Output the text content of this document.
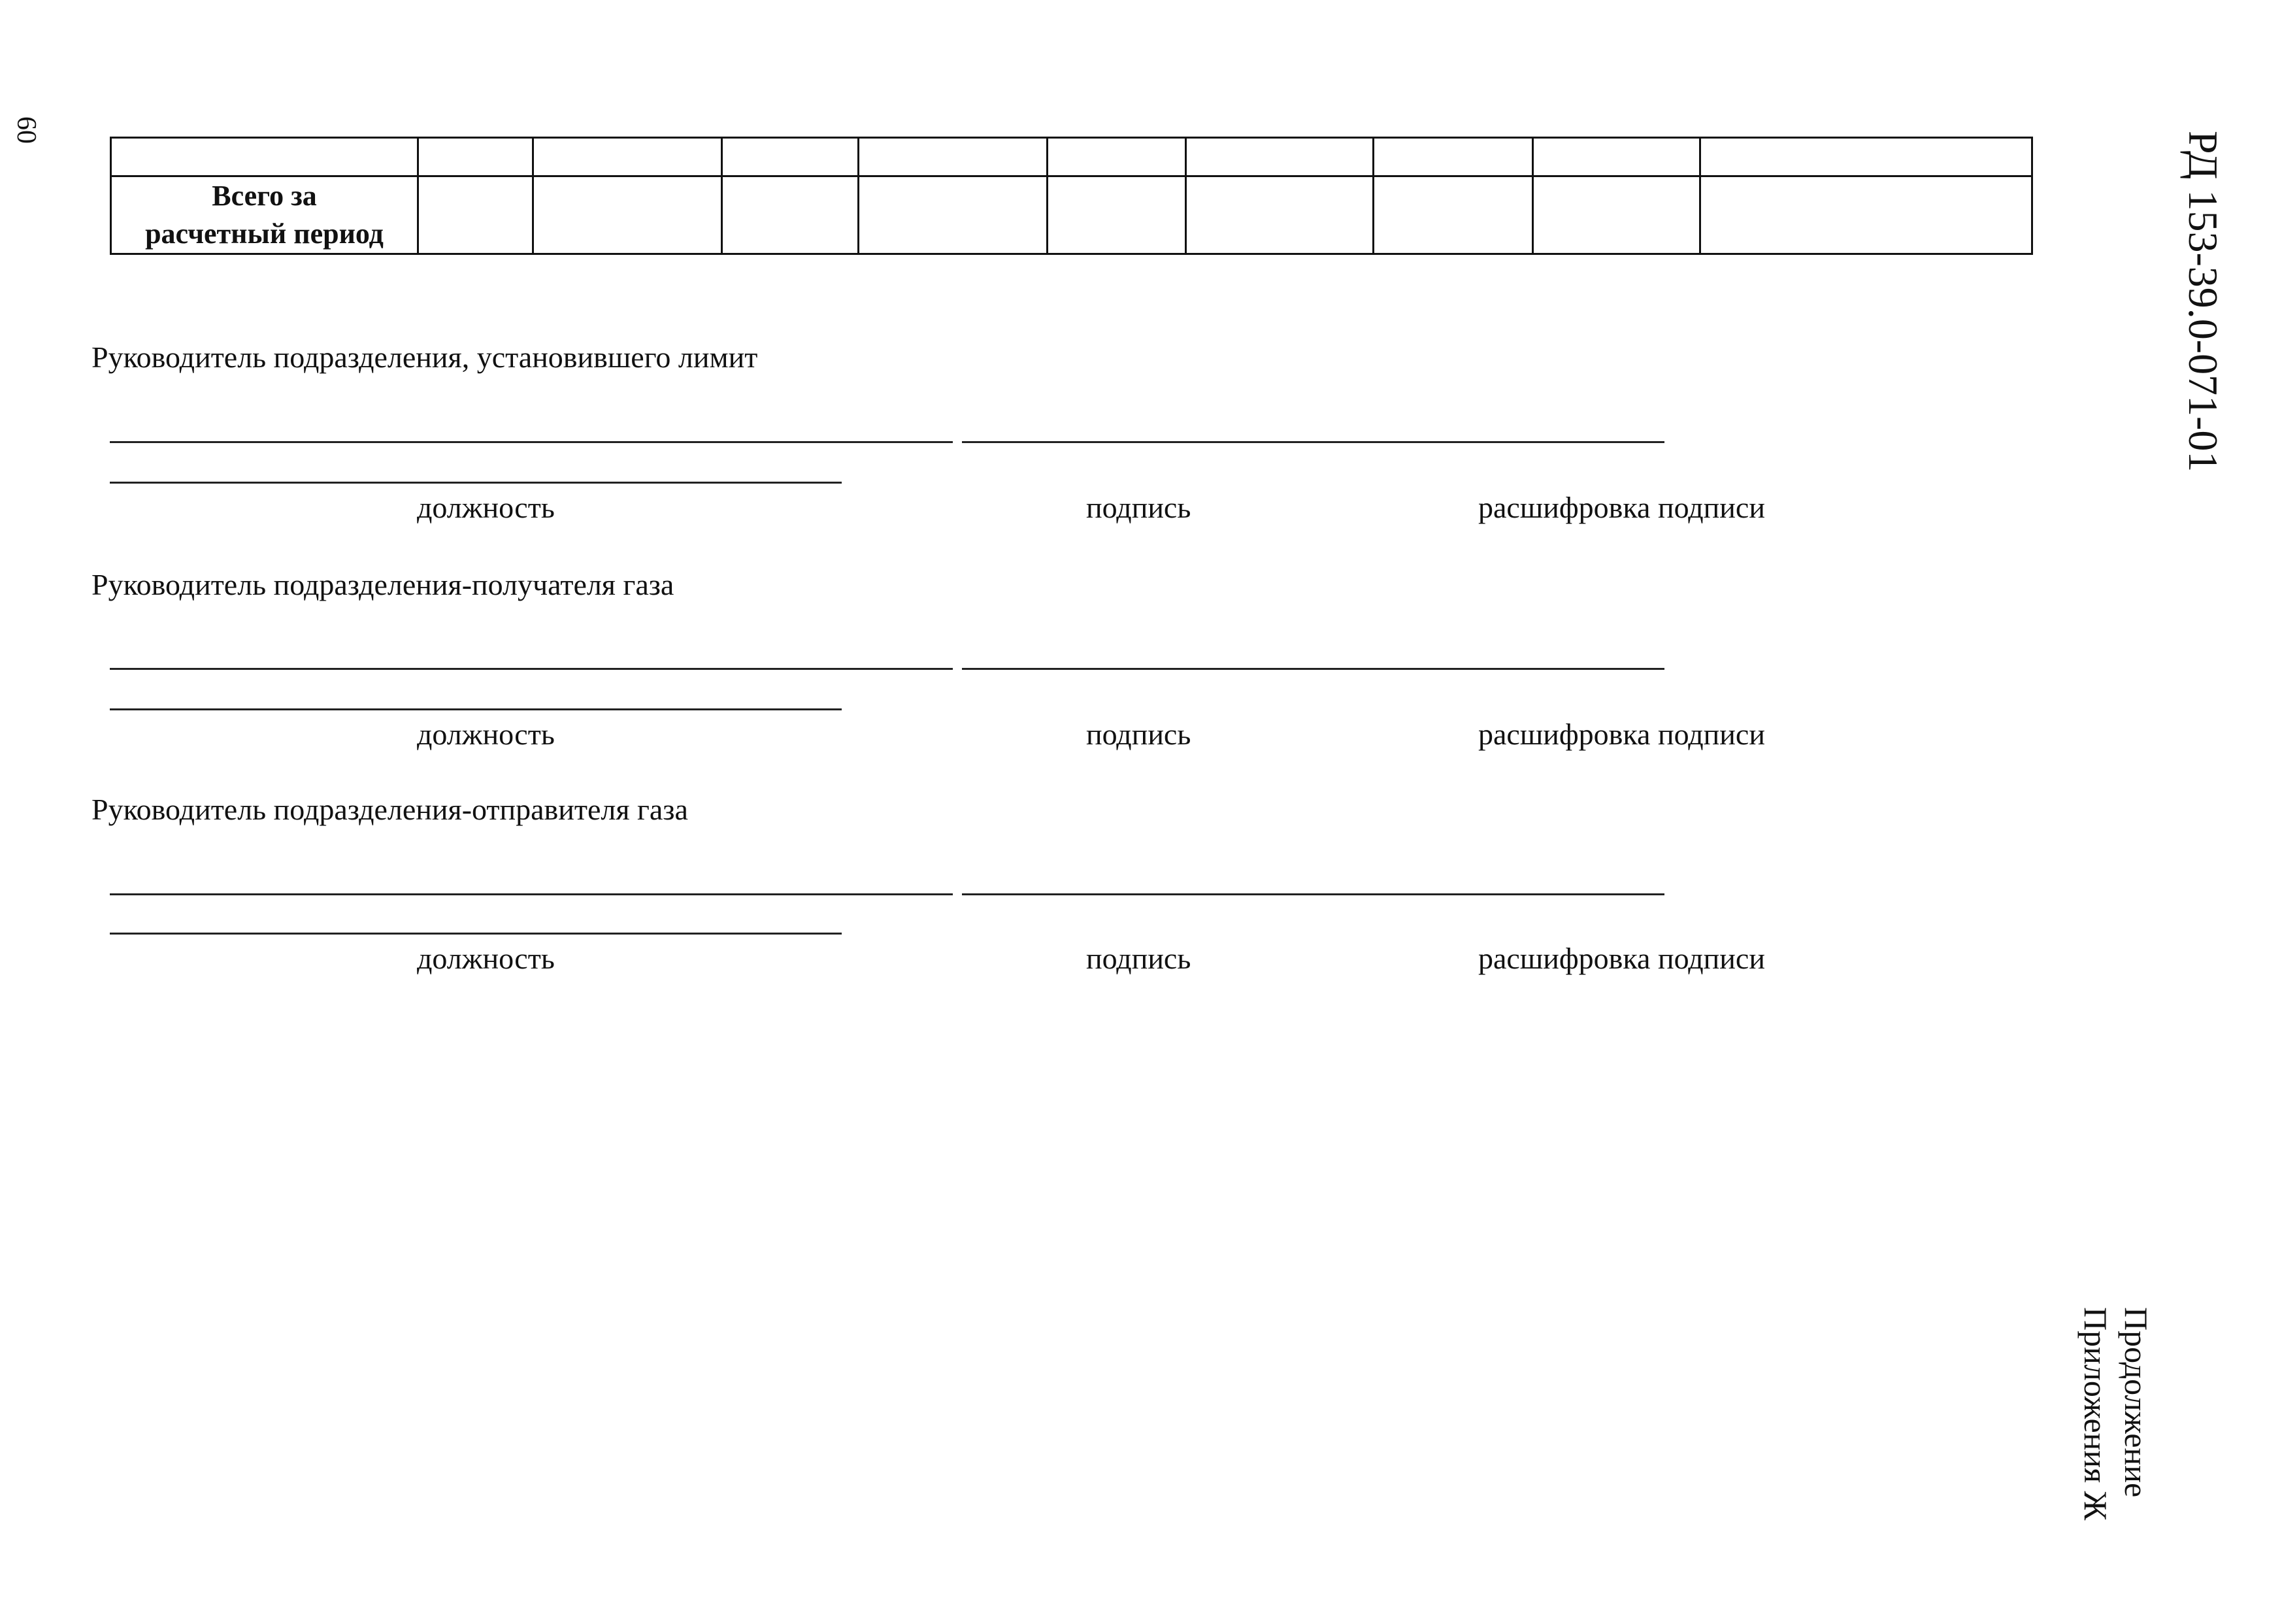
60
РД 153-39.0-071-01
Продолжение
Приложения Ж

Всего за
расчетный период									

Руководитель подразделения, установившего лимит
должность	подпись	расшифровка подписи
Руководитель подразделения-получателя газа
должность	подпись	расшифровка подписи
Руководитель подразделения-отправителя газа
должность	подпись	расшифровка подписи
